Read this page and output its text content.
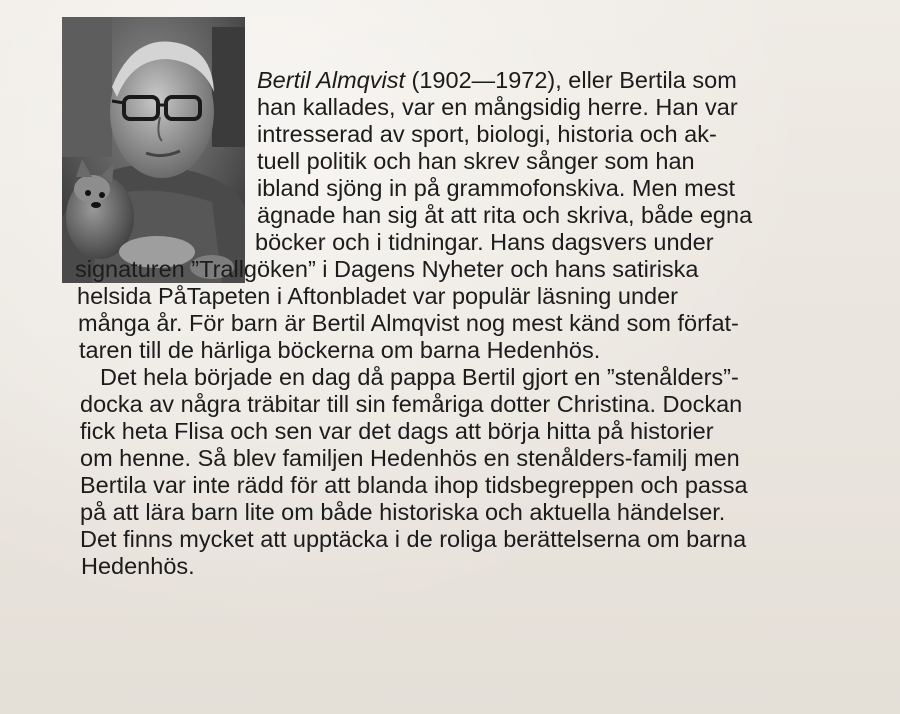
Bertil Almqvist (1902—1972), eller Bertila som
han kallades, var en mångsidig herre. Han var
intresserad av sport, biologi, historia och ak-
tuell politik och han skrev sånger som han
ibland sjöng in på grammofonskiva. Men mest
ägnade han sig åt att rita och skriva, både egna
böcker och i tidningar. Hans dagsvers under
signaturen ”Trallgöken” i Dagens Nyheter och hans satiriska
helsida PåTapeten i Aftonbladet var populär läsning under
många år. För barn är Bertil Almqvist nog mest känd som förfat-
taren till de härliga böckerna om barna Hedenhös.
Det hela började en dag då pappa Bertil gjort en ”stenålders”-
docka av några träbitar till sin femåriga dotter Christina. Dockan
fick heta Flisa och sen var det dags att börja hitta på historier
om henne. Så blev familjen Hedenhös en stenålders-familj men
Bertila var inte rädd för att blanda ihop tidsbegreppen och passa
på att lära barn lite om både historiska och aktuella händelser.
Det finns mycket att upptäcka i de roliga berättelserna om barna
Hedenhös.
